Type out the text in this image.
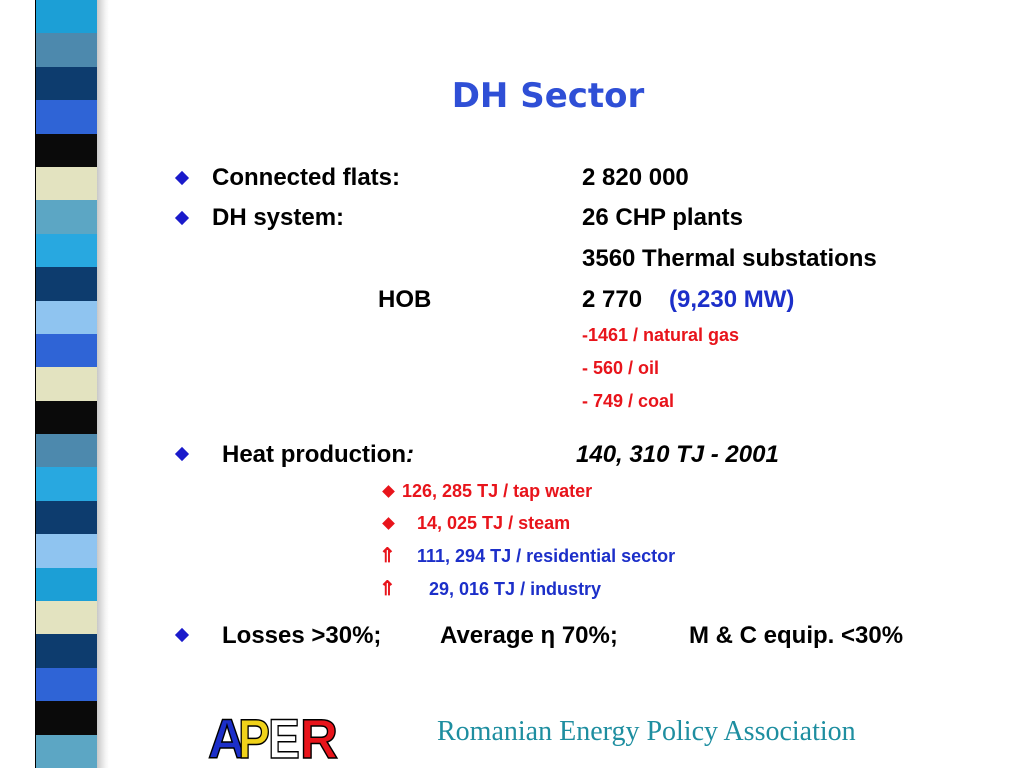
DH Sector
Connected flats:	2 820 000
DH system:	26 CHP plants
3560 Thermal substations
HOB	2 770 (9,230 MW)
-1461 / natural gas
- 560 / oil
- 749 / coal
Heat production:	140, 310 TJ - 2001
126, 285 TJ / tap water
14, 025 TJ / steam
⇑ 111, 294 TJ / residential sector
⇑ 29, 016 TJ / industry
Losses >30%; Average η 70%;	M & C equip. <30%
A
P
E R	Romanian Energy Policy Association
